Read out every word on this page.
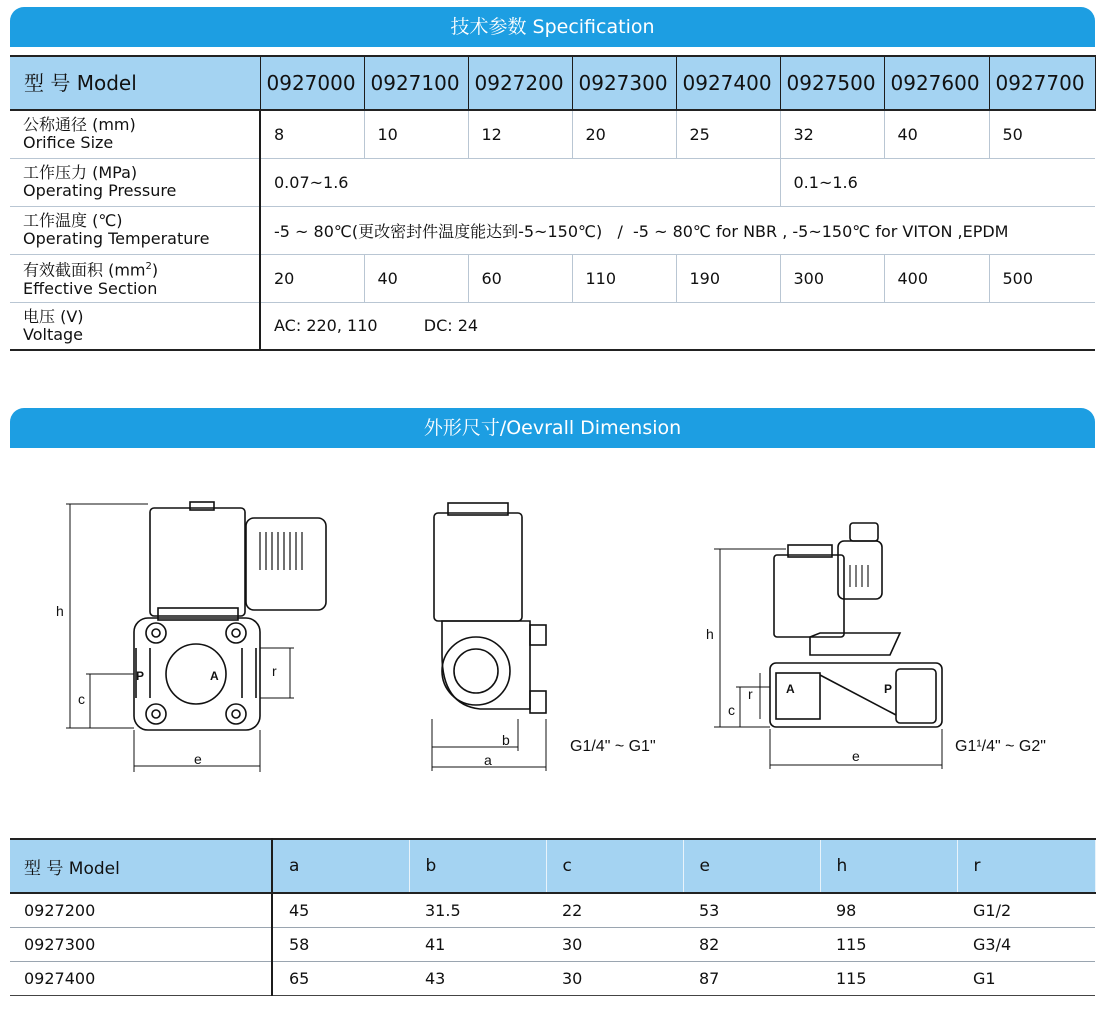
技术参数 Specification
型 号 Model	0927000	0927100	0927200	0927300	0927400	0927500	0927600	0927700

公称通径 (mm)
Orifice Size	8	10	12	20	25	32	40	50

工作压力 (MPa)
Operating Pressure	0.07~1.6					0.1~1.6		

工作温度 (℃)
Operating Temperature	-5 ~ 80℃(更改密封件温度能达到-5~150℃)   /  -5 ~ 80℃ for NBR , -5~150℃ for VITON ,EPDM							

有效截面积 $(mm^2)$
Effective Section	20	40	60	110	190	300	400	500

电压 (V)
Voltage	AC: 220, 110 DC: 24							
外形尺寸/Oevrall Dimension
h
c
e
r
P	A
b
a
G1/4" ~ G1"
h
c
r
e
A	P
G1¹/4" ~ G2"
型 号 Model	a	b	c	e	h	r
0927200	45	31.5	22	53	98	G1/2
0927300	58	41	30	82	115	G3/4
0927400	65	43	30	87	115	G1
